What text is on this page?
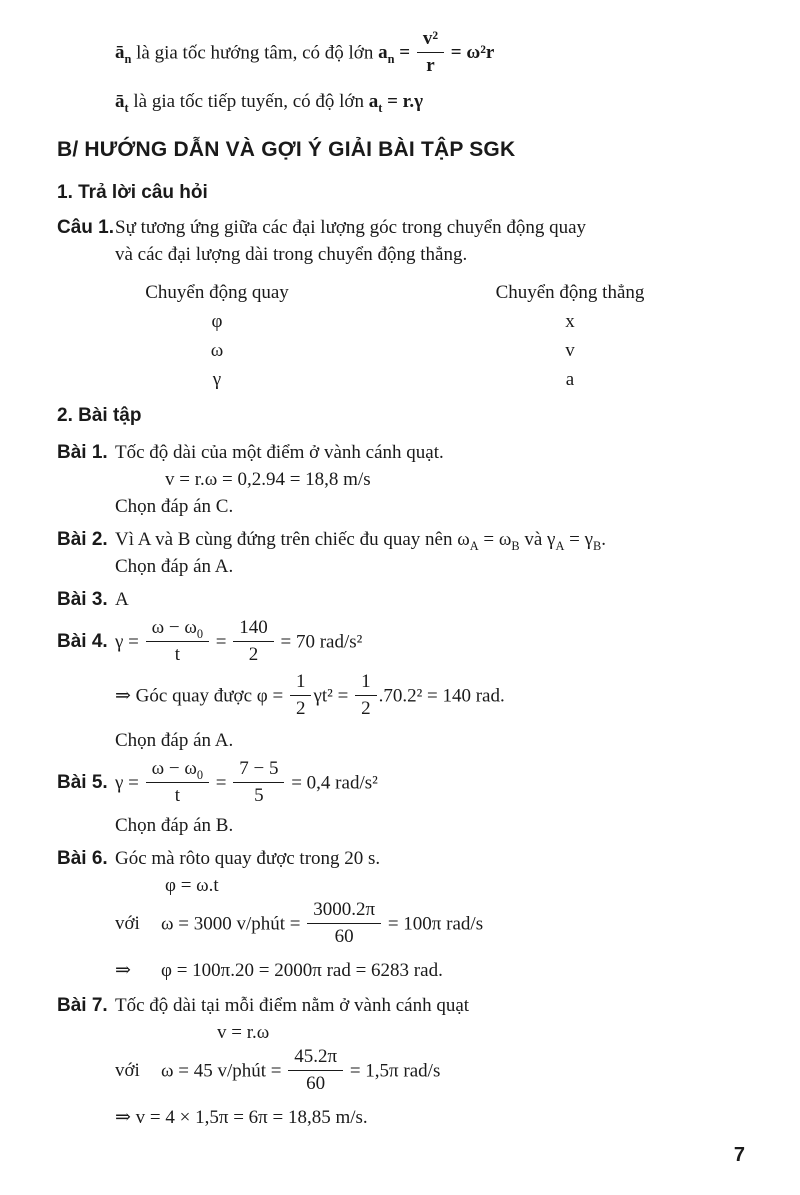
$ā_n$ là gia tốc hướng tâm, có độ lớn $a_n = \frac{\text{v²}}{r} = \omega^2r$
$ā_t$ là gia tốc tiếp tuyến, có độ lớn $a_t = r.\gamma$
B/ HƯỚNG DẪN VÀ GỢI Ý GIẢI BÀI TẬP SGK
1. Trả lời câu hỏi
Câu 1. Sự tương ứng giữa các đại lượng góc trong chuyển động quay
và các đại lượng dài trong chuyển động thẳng.
Chuyển động quay	Chuyển động thẳng
φ	x
ω	v
γ	a
2. Bài tập
Bài 1. Tốc độ dài của một điểm ở vành cánh quạt.
v = r.ω = 0,2.94 = 18,8 m/s
Chọn đáp án C.
Bài 2. Vì A và B cùng đứng trên chiếc đu quay nên $\omega_A = \omega_B$ và $\gamma_A = \gamma_B$.
Chọn đáp án A.
Bài 3. A
Bài 4. $\gamma = \frac{\omega - \omega_0}{t} = \frac{140}{2} = 70$ rad/s²
⇒ Góc quay được $\varphi = \frac{1}{2} \gamma t^2 = \frac{1}{2} .70.2^2 = 140$ rad.
Chọn đáp án A.
Bài 5. $\gamma = \frac{\omega - \omega_0}{t} = \frac{7 - 5}{5} = 0,4$ rad/s²
Chọn đáp án B.
Bài 6. Góc mà rôto quay được trong 20 s.
φ = ω.t
với ω = 3000 v/phút = $\frac{3000.2\pi}{60} = 100\pi$ rad/s
⇒ φ = 100π.20 = 2000π rad = 6283 rad.
Bài 7. Tốc độ dài tại mỗi điểm nằm ở vành cánh quạt
v = r.ω
với ω = 45 v/phút = $\frac{45.2\pi}{60} = 1,5\pi$ rad/s
⇒ v = 4 × 1,5π = 6π = 18,85 m/s.
7
